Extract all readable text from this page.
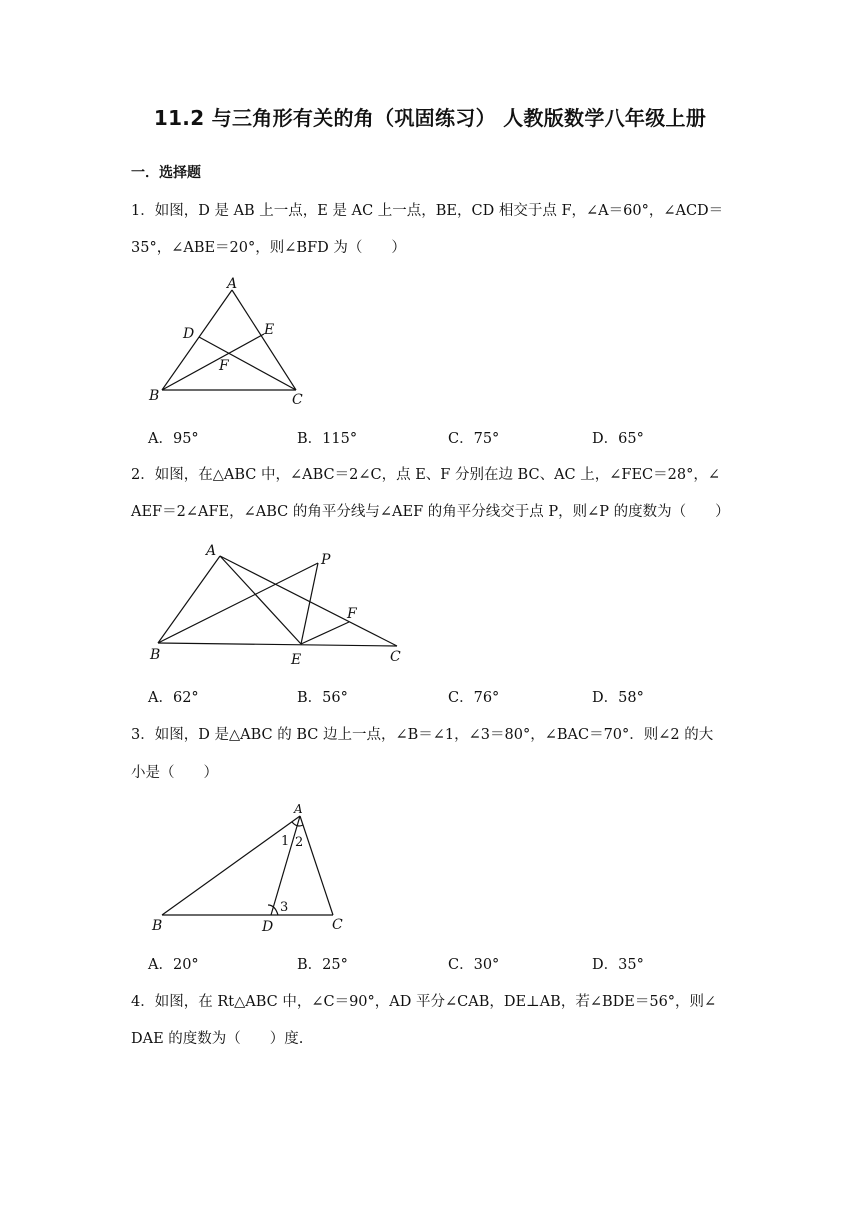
11.2 与三角形有关的角（巩固练习） 人教版数学八年级上册
一．选择题
1．如图，D 是 AB 上一点，E 是 AC 上一点，BE，CD 相交于点 F，∠A＝60°，∠ACD＝
35°，∠ABE＝20°，则∠BFD 为（　　）
A
D	E
F
B	C
A．95°	B．115°	C．75°	D．65°
2．如图，在△ABC 中，∠ABC＝2∠C，点 E、F 分别在边 BC、AC 上，∠FEC＝28°，∠
AEF＝2∠AFE，∠ABC 的角平分线与∠AEF 的角平分线交于点 P，则∠P 的度数为（　　）
A
P
F
B	E	C
A．62°	B．56°	C．76°	D．58°
3．如图，D 是△ABC 的 BC 边上一点，∠B＝∠1，∠3＝80°，∠BAC＝70°．则∠2 的大
小是（　　）
A
1 2
3
B	D	C
A．20°	B．25°	C．30°	D．35°
4．如图，在 Rt△ABC 中，∠C＝90°，AD 平分∠CAB，DE⊥AB，若∠BDE＝56°，则∠
DAE 的度数为（　　）度.
